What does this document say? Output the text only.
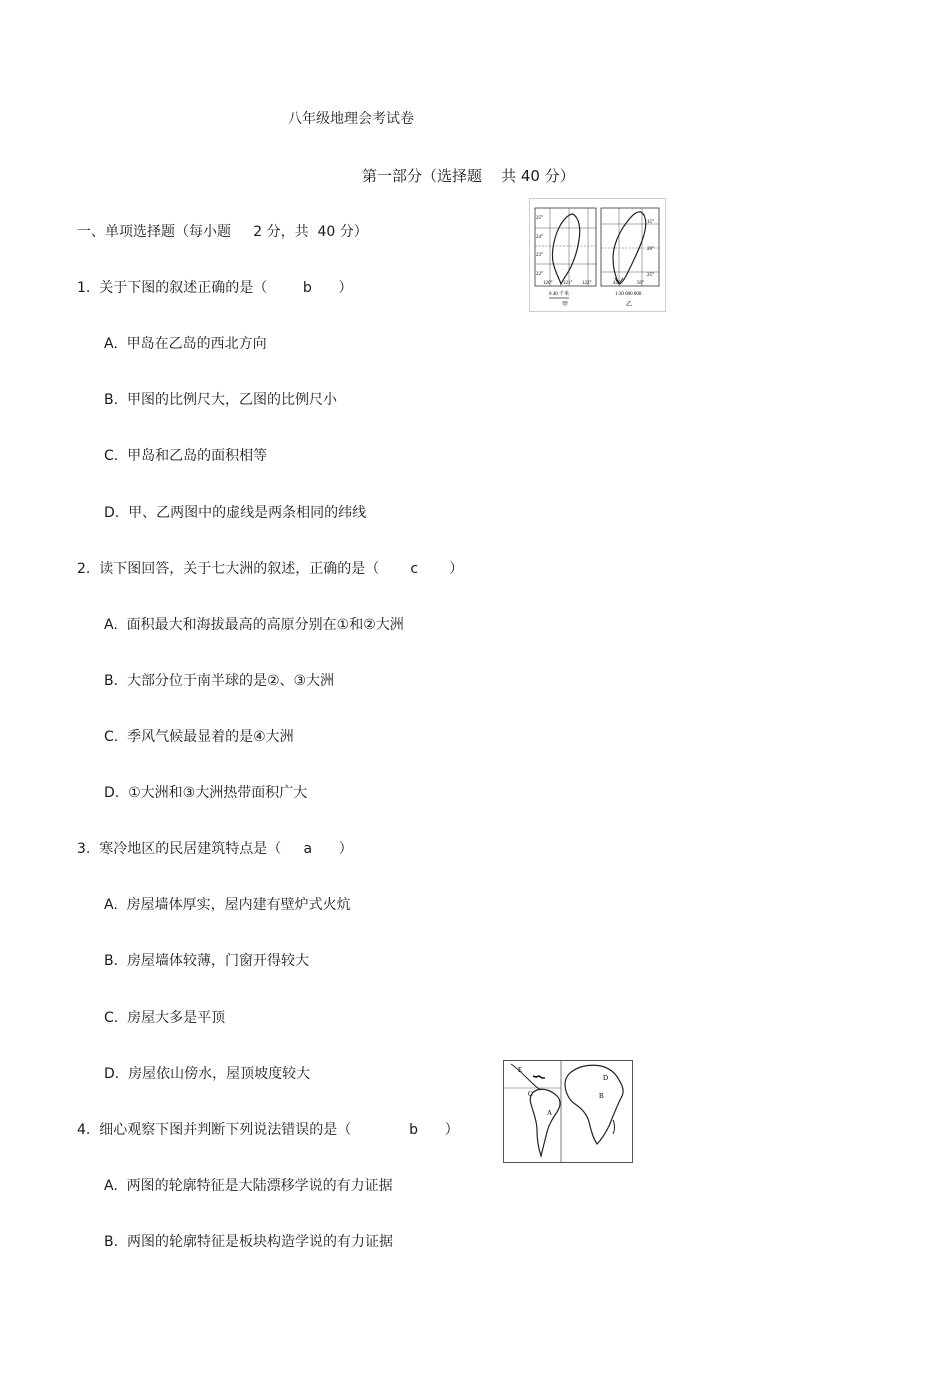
八年级地理会考试卷
第一部分（选择题    共 40 分）
一、单项选择题（每小题     2 分，共  40 分）
1.  关于下图的叙述正确的是（        b      ）
A.  甲岛在乙岛的西北方向
B.  甲图的比例尺大，乙图的比例尺小
C.  甲岛和乙岛的面积相等
D.  甲、乙两图中的虚线是两条相同的纬线
2.  读下图回答，关于七大洲的叙述，正确的是（       c       ）
A.  面积最大和海拔最高的高原分别在①和②大洲
B.  大部分位于南半球的是②、③大洲
C.  季风气候最显着的是④大洲
D.  ①大洲和③大洲热带面积广大
3.  寒冷地区的民居建筑特点是（     a      ）
A.  房屋墙体厚实，屋内建有壁炉式火炕
B.  房屋墙体较薄，门窗开得较大
C.  房屋大多是平顶
D.  房屋依山傍水，屋顶坡度较大
4.  细心观察下图并判断下列说法错误的是（             b      ）
A.  两图的轮廓特征是大陆漂移学说的有力证据
B.  两图的轮廓特征是板块构造学说的有力证据
25°
24°
23°
22°
120° 121° 122°
0 40 千米
甲
15°
20°
25°
45°	50°
1:30 000 000
乙
E
C
A
D
B
